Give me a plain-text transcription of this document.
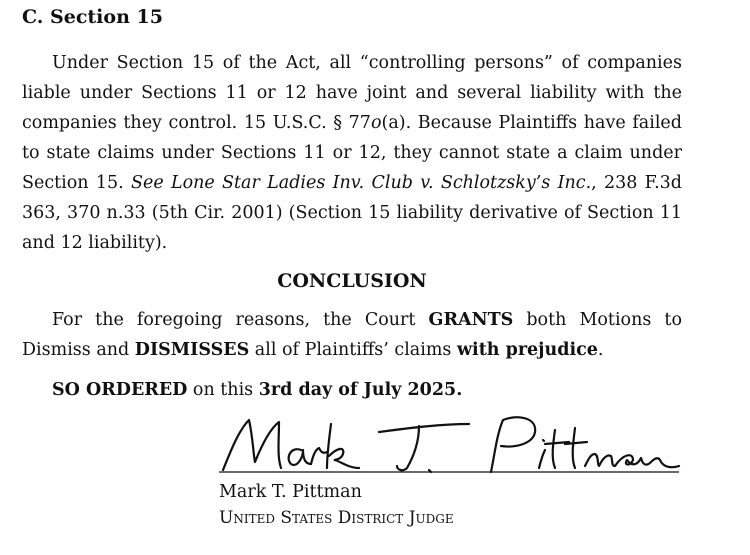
C. Section 15

Under Section 15 of the Act, all “controlling persons” of companies liable under Sections 11 or 12 have joint and several liability with the companies they control. 15 U.S.C. § 77o(a). Because Plaintiffs have failed to state claims under Sections 11 or 12, they cannot state a claim under Section 15. See Lone Star Ladies Inv. Club v. Schlotzsky’s Inc., 238 F.3d 363, 370 n.33 (5th Cir. 2001) (Section 15 liability derivative of Section 11 and 12 liability).

CONCLUSION

For the foregoing reasons, the Court GRANTS both Motions to Dismiss and DISMISSES all of Plaintiffs’ claims with prejudice.

SO ORDERED on this 3rd day of July 2025.
Mark T. Pittman
United States District Judge
